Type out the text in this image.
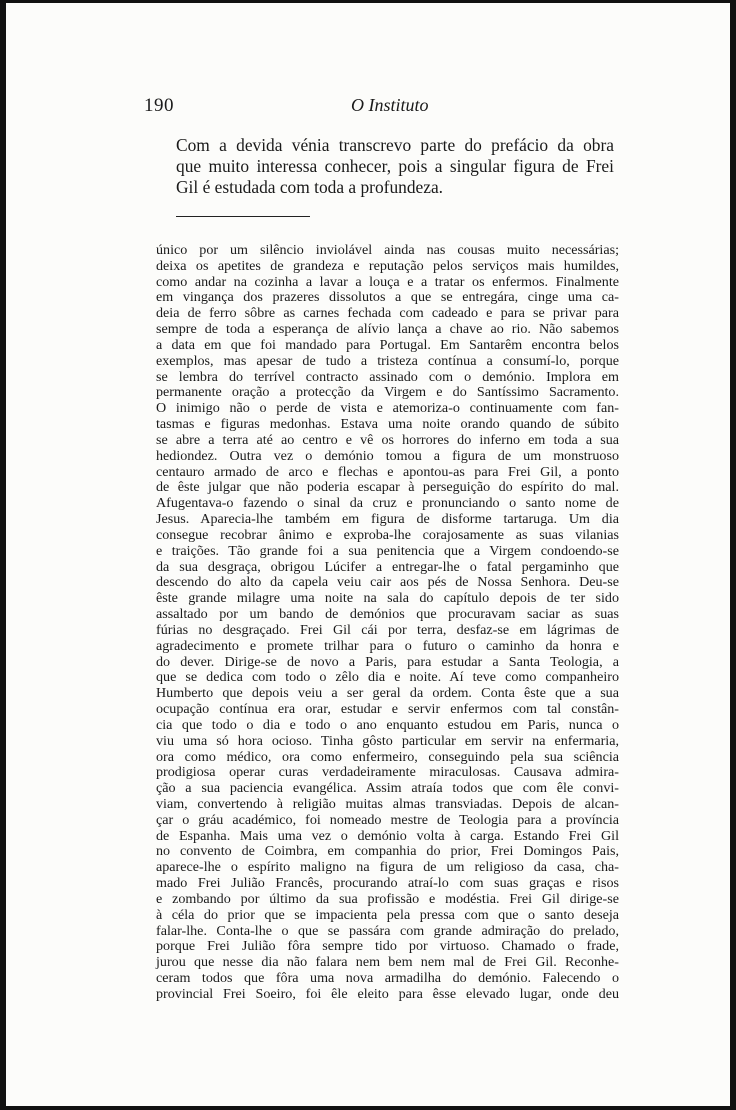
190	O Instituto
Com a devida vénia transcrevo parte do prefácio da obra
que muito interessa conhecer, pois a singular figura de Frei
Gil é estudada com toda a profundeza.
único por um silêncio inviolável ainda nas cousas muito necessárias;
deixa os apetites de grandeza e reputação pelos serviços mais humildes,
como andar na cozinha a lavar a louça e a tratar os enfermos. Finalmente
em vingança dos prazeres dissolutos a que se entregára, cinge uma ca-
deia de ferro sôbre as carnes fechada com cadeado e para se privar para
sempre de toda a esperança de alívio lança a chave ao rio. Não sabemos
a data em que foi mandado para Portugal. Em Santarêm encontra belos
exemplos, mas apesar de tudo a tristeza contínua a consumí-lo, porque
se lembra do terrível contracto assinado com o demónio. Implora em
permanente oração a protecção da Virgem e do Santíssimo Sacramento.
O inimigo não o perde de vista e atemoriza-o continuamente com fan-
tasmas e figuras medonhas. Estava uma noite orando quando de súbito
se abre a terra até ao centro e vê os horrores do inferno em toda a sua
hediondez. Outra vez o demónio tomou a figura de um monstruoso
centauro armado de arco e flechas e apontou-as para Frei Gil, a ponto
de êste julgar que não poderia escapar à perseguição do espírito do mal.
Afugentava-o fazendo o sinal da cruz e pronunciando o santo nome de
Jesus. Aparecia-lhe também em figura de disforme tartaruga. Um dia
consegue recobrar ânimo e exproba-lhe corajosamente as suas vilanias
e traições. Tão grande foi a sua penitencia que a Virgem condoendo-se
da sua desgraça, obrigou Lúcifer a entregar-lhe o fatal pergaminho que
descendo do alto da capela veiu cair aos pés de Nossa Senhora. Deu-se
êste grande milagre uma noite na sala do capítulo depois de ter sido
assaltado por um bando de demónios que procuravam saciar as suas
fúrias no desgraçado. Frei Gil cái por terra, desfaz-se em lágrimas de
agradecimento e promete trilhar para o futuro o caminho da honra e
do dever. Dirige-se de novo a Paris, para estudar a Santa Teologia, a
que se dedica com todo o zêlo dia e noite. Aí teve como companheiro
Humberto que depois veiu a ser geral da ordem. Conta êste que a sua
ocupação contínua era orar, estudar e servir enfermos com tal constân-
cia que todo o dia e todo o ano enquanto estudou em Paris, nunca o
viu uma só hora ocioso. Tinha gôsto particular em servir na enfermaria,
ora como médico, ora como enfermeiro, conseguindo pela sua sciência
prodigiosa operar curas verdadeiramente miraculosas. Causava admira-
ção a sua paciencia evangélica. Assim atraía todos que com êle convi-
viam, convertendo à religião muitas almas transviadas. Depois de alcan-
çar o gráu académico, foi nomeado mestre de Teologia para a província
de Espanha. Mais uma vez o demónio volta à carga. Estando Frei Gil
no convento de Coimbra, em companhia do prior, Frei Domingos Pais,
aparece-lhe o espírito maligno na figura de um religioso da casa, cha-
mado Frei Julião Francês, procurando atraí-lo com suas graças e risos
e zombando por último da sua profissão e modéstia. Frei Gil dirige-se
à céla do prior que se impacienta pela pressa com que o santo deseja
falar-lhe. Conta-lhe o que se passára com grande admiração do prelado,
porque Frei Julião fôra sempre tido por virtuoso. Chamado o frade,
jurou que nesse dia não falara nem bem nem mal de Frei Gil. Reconhe-
ceram todos que fôra uma nova armadilha do demónio. Falecendo o
provincial Frei Soeiro, foi êle eleito para êsse elevado lugar, onde deu
